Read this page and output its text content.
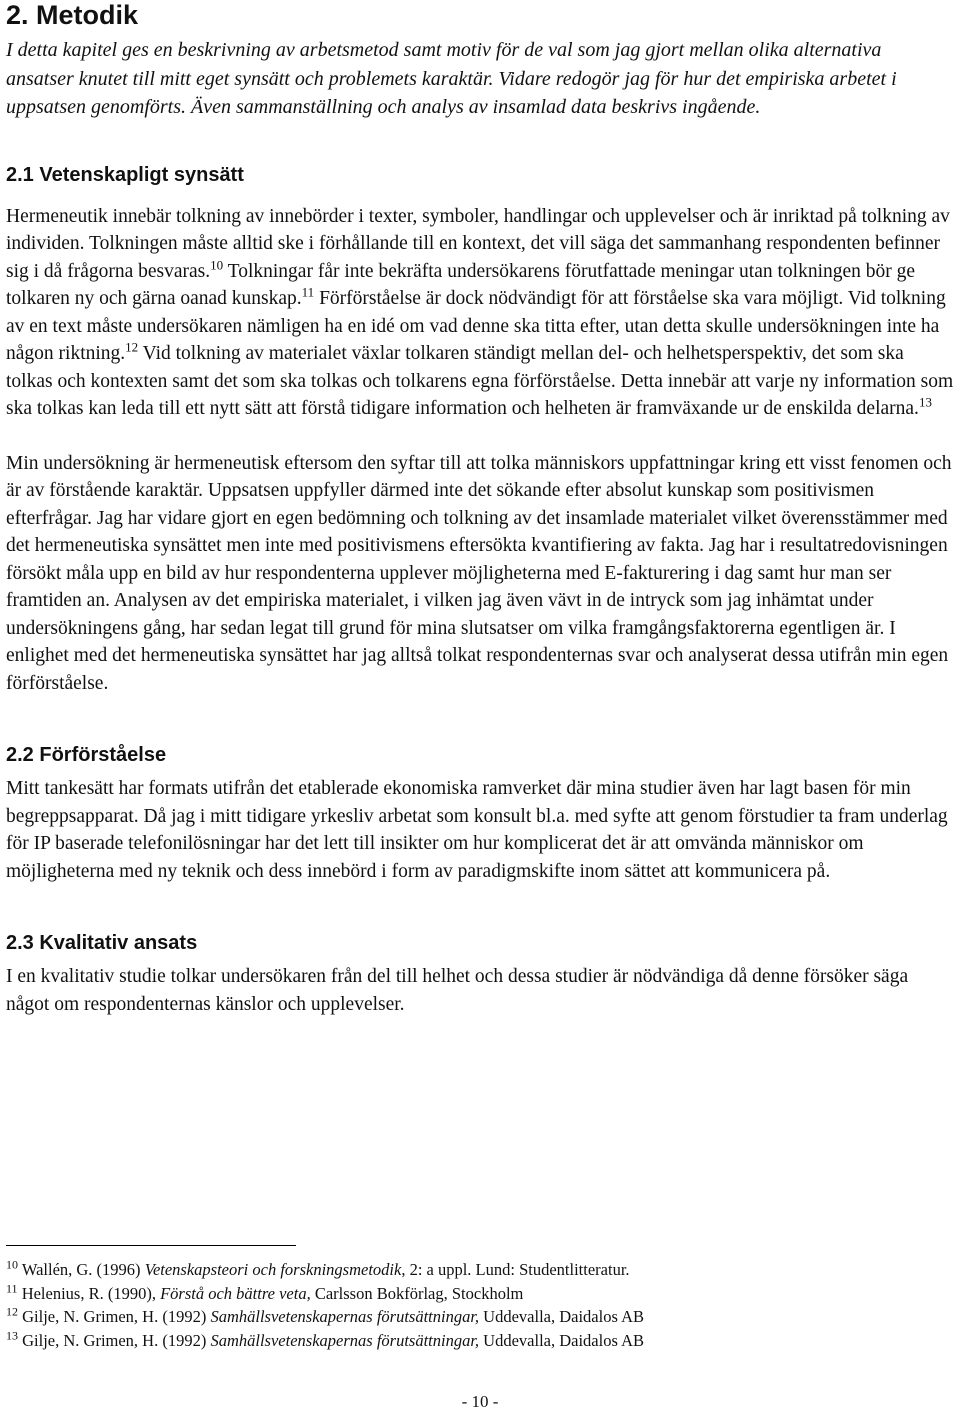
2. Metodik

I detta kapitel ges en beskrivning av arbetsmetod samt motiv för de val som jag gjort mellan olika alternativa ansatser knutet till mitt eget synsätt och problemets karaktär. Vidare redogör jag för hur det empiriska arbetet i uppsatsen genomförts. Även sammanställning och analys av insamlad data beskrivs ingående.

2.1 Vetenskapligt synsätt

Hermeneutik innebär tolkning av innebörder i texter, symboler, handlingar och upplevelser och är inriktad på tolkning av individen. Tolkningen måste alltid ske i förhållande till en kontext, det vill säga det sammanhang respondenten befinner sig i då frågorna besvaras.$^{10}$ Tolkningar får inte bekräfta undersökarens förutfattade meningar utan tolkningen bör ge tolkaren ny och gärna oanad kunskap.$^{11}$ Förförståelse är dock nödvändigt för att förståelse ska vara möjligt. Vid tolkning av en text måste undersökaren nämligen ha en idé om vad denne ska titta efter, utan detta skulle undersökningen inte ha någon riktning.$^{12}$ Vid tolkning av materialet växlar tolkaren ständigt mellan del- och helhetsperspektiv, det som ska tolkas och kontexten samt det som ska tolkas och tolkarens egna förförståelse. Detta innebär att varje ny information som ska tolkas kan leda till ett nytt sätt att förstå tidigare information och helheten är framväxande ur de enskilda delarna.$^{13}$

Min undersökning är hermeneutisk eftersom den syftar till att tolka människors uppfattningar kring ett visst fenomen och är av förstående karaktär. Uppsatsen uppfyller därmed inte det sökande efter absolut kunskap som positivismen efterfrågar. Jag har vidare gjort en egen bedömning och tolkning av det insamlade materialet vilket överensstämmer med det hermeneutiska synsättet men inte med positivismens eftersökta kvantifiering av fakta. Jag har i resultatredovisningen försökt måla upp en bild av hur respondenterna upplever möjligheterna med E-fakturering i dag samt hur man ser framtiden an. Analysen av det empiriska materialet, i vilken jag även vävt in de intryck som jag inhämtat under undersökningens gång, har sedan legat till grund för mina slutsatser om vilka framgångsfaktorerna egentligen är. I enlighet med det hermeneutiska synsättet har jag alltså tolkat respondenternas svar och analyserat dessa utifrån min egen förförståelse.

2.2 Förförståelse

Mitt tankesätt har formats utifrån det etablerade ekonomiska ramverket där mina studier även har lagt basen för min begreppsapparat. Då jag i mitt tidigare yrkesliv arbetat som konsult bl.a. med syfte att genom förstudier ta fram underlag för IP baserade telefonilösningar har det lett till insikter om hur komplicerat det är att omvända människor om möjligheterna med ny teknik och dess innebörd i form av paradigmskifte inom sättet att kommunicera på.

2.3 Kvalitativ ansats

I en kvalitativ studie tolkar undersökaren från del till helhet och dessa studier är nödvändiga då denne försöker säga något om respondenternas känslor och upplevelser.

$^{10}$ Wallén, G. (1996) Vetenskapsteori och forskningsmetodik, 2: a uppl. Lund: Studentlitteratur.

$^{11}$ Helenius, R. (1990), Förstå och bättre veta, Carlsson Bokförlag, Stockholm

$^{12}$ Gilje, N. Grimen, H. (1992) Samhällsvetenskapernas förutsättningar, Uddevalla, Daidalos AB

$^{13}$ Gilje, N. Grimen, H. (1992) Samhällsvetenskapernas förutsättningar, Uddevalla, Daidalos AB

- 10 -
